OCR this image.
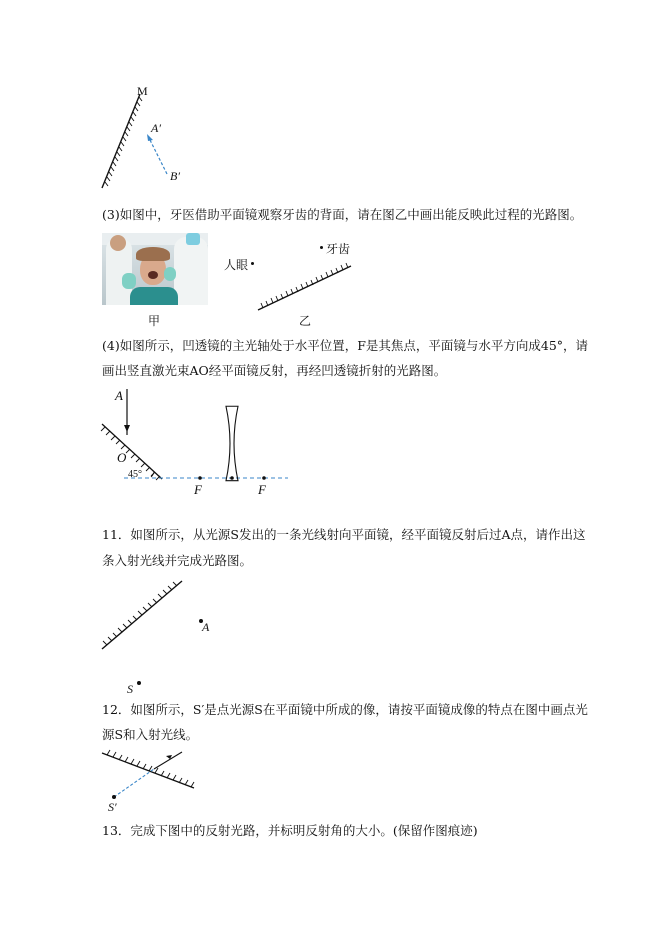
M
A′
B′
(3)如图中，牙医借助平面镜观察牙齿的背面，请在图乙中画出能反映此过程的光路图。
甲
牙齿
人眼
乙
(4)如图所示，凹透镜的主光轴处于水平位置，F是其焦点，平面镜与水平方向成45°，请
画出竖直激光束AO经平面镜反射，再经凹透镜折射的光路图。
A
O
45°
F	F
11．如图所示，从光源S发出的一条光线射向平面镜，经平面镜反射后过A点，请作出这
条入射光线并完成光路图。
A
S
12．如图所示，S′是点光源S在平面镜中所成的像，请按平面镜成像的特点在图中画点光
源S和入射光线。
S′
13．完成下图中的反射光路，并标明反射角的大小。(保留作图痕迹)
